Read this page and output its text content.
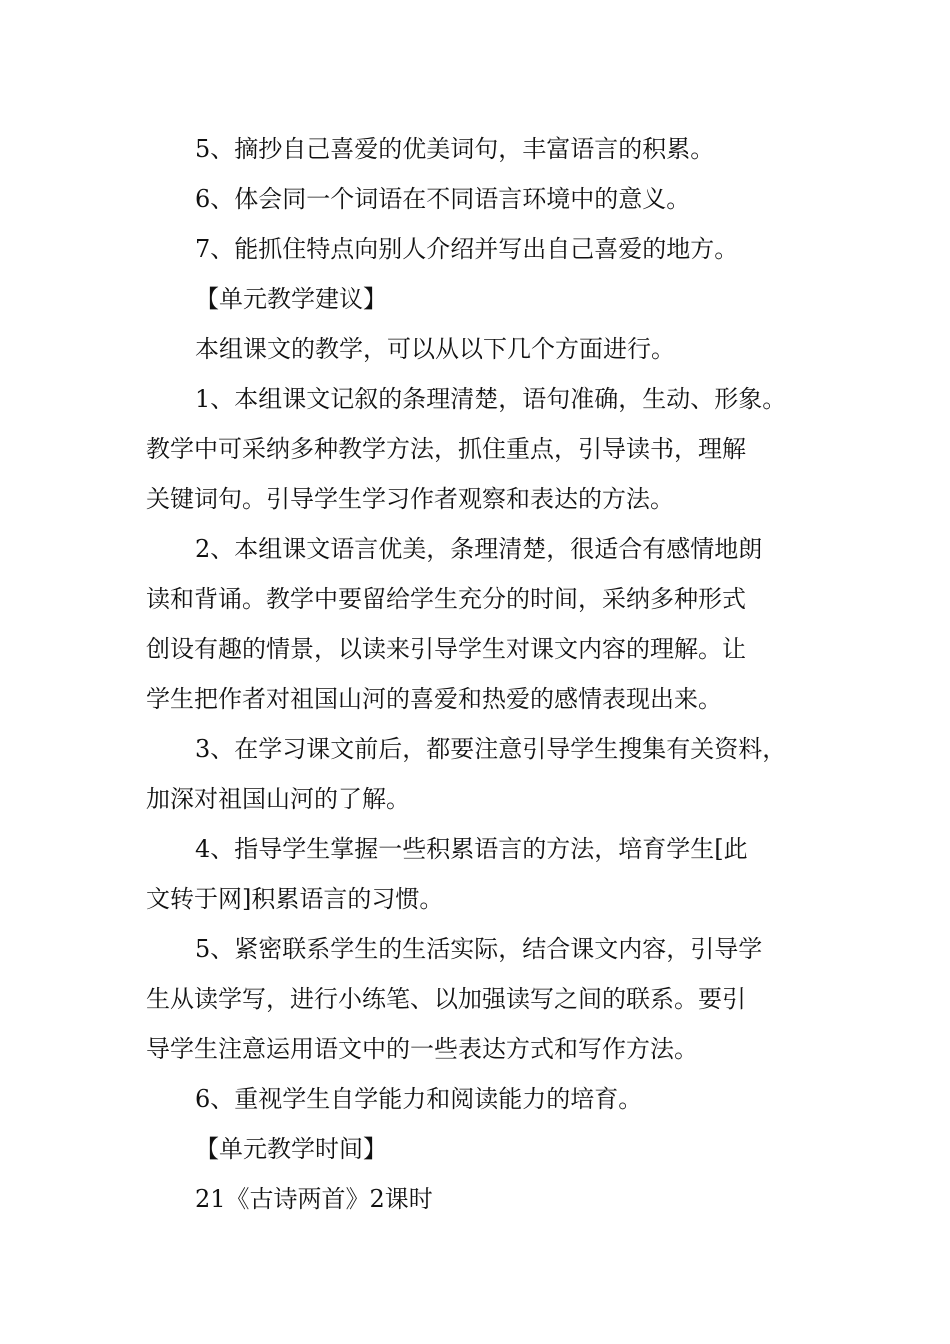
5、摘抄自己喜爱的优美词句，丰富语言的积累。

6、体会同一个词语在不同语言环境中的意义。

7、能抓住特点向别人介绍并写出自己喜爱的地方。

【单元教学建议】

本组课文的教学，可以从以下几个方面进行。

1、本组课文记叙的条理清楚，语句准确，生动、形象。

教学中可采纳多种教学方法，抓住重点，引导读书，理解

关键词句。引导学生学习作者观察和表达的方法。

2、本组课文语言优美，条理清楚，很适合有感情地朗

读和背诵。教学中要留给学生充分的时间，采纳多种形式

创设有趣的情景，以读来引导学生对课文内容的理解。让

学生把作者对祖国山河的喜爱和热爱的感情表现出来。

3、在学习课文前后，都要注意引导学生搜集有关资料，

加深对祖国山河的了解。

4、指导学生掌握一些积累语言的方法，培育学生[此

文转于网]积累语言的习惯。

5、紧密联系学生的生活实际，结合课文内容，引导学

生从读学写，进行小练笔、以加强读写之间的联系。要引

导学生注意运用语文中的一些表达方式和写作方法。

6、重视学生自学能力和阅读能力的培育。

【单元教学时间】

21《古诗两首》2课时
